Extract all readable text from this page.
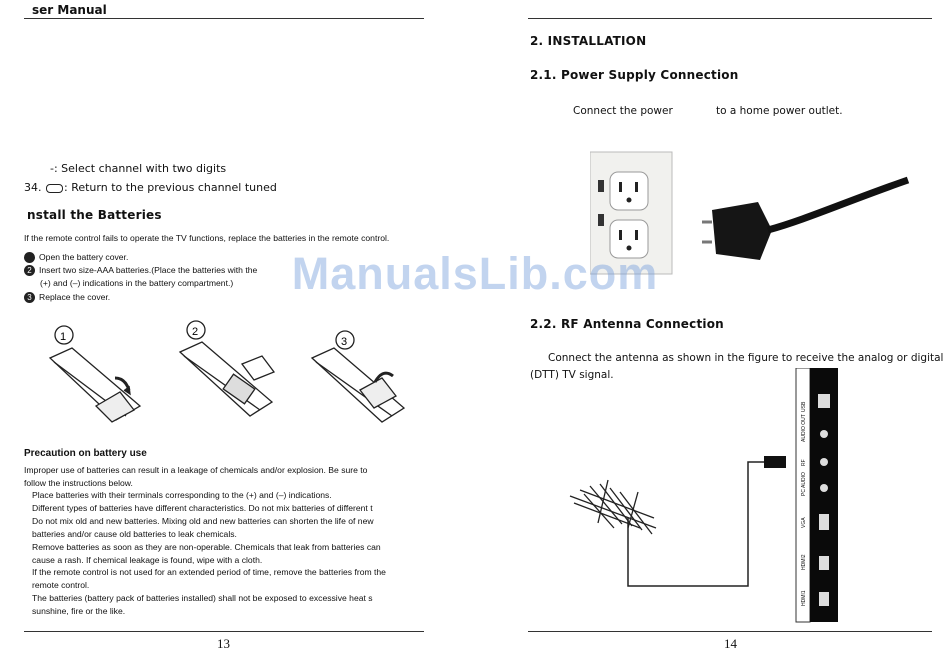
ser Manual
-: Select channel with two digits
34. : Return to the previous channel tuned
nstall the Batteries
If the remote control fails to operate the TV functions, replace the batteries in the remote control.
Open the battery cover.
2 Insert two size-AAA batteries.(Place the batteries with the
(+) and (–) indications in the battery compartment.)
3 Replace the cover.
1	2
3
Precaution on battery use
Improper use of batteries can result in a leakage of chemicals and/or explosion. Be sure to
follow the instructions below.
Place batteries with their terminals corresponding to the (+) and (–) indications.
Different types of batteries have different characteristics. Do not mix batteries of different t
Do not mix old and new batteries. Mixing old and new batteries can shorten the life of new
batteries and/or cause old batteries to leak chemicals.
Remove batteries as soon as they are non-operable. Chemicals that leak from batteries can
cause a rash. If chemical leakage is found, wipe with a cloth.
If the remote control is not used for an extended period of time, remove the batteries from the
remote control.
The batteries (battery pack of batteries installed) shall not be exposed to excessive heat s
sunshine, fire or the like.
13
2. INSTALLATION
2.1. Power Supply Connection
Connect the power	to a home power outlet.
2.2. RF Antenna Connection
Connect the antenna as shown in the figure to receive the analog or digital
(DTT) TV signal.
USB
AUDIO OUT
RF
PC AUDIO
VGA
HDMI2
HDMI1
14
ManualsLib.com
